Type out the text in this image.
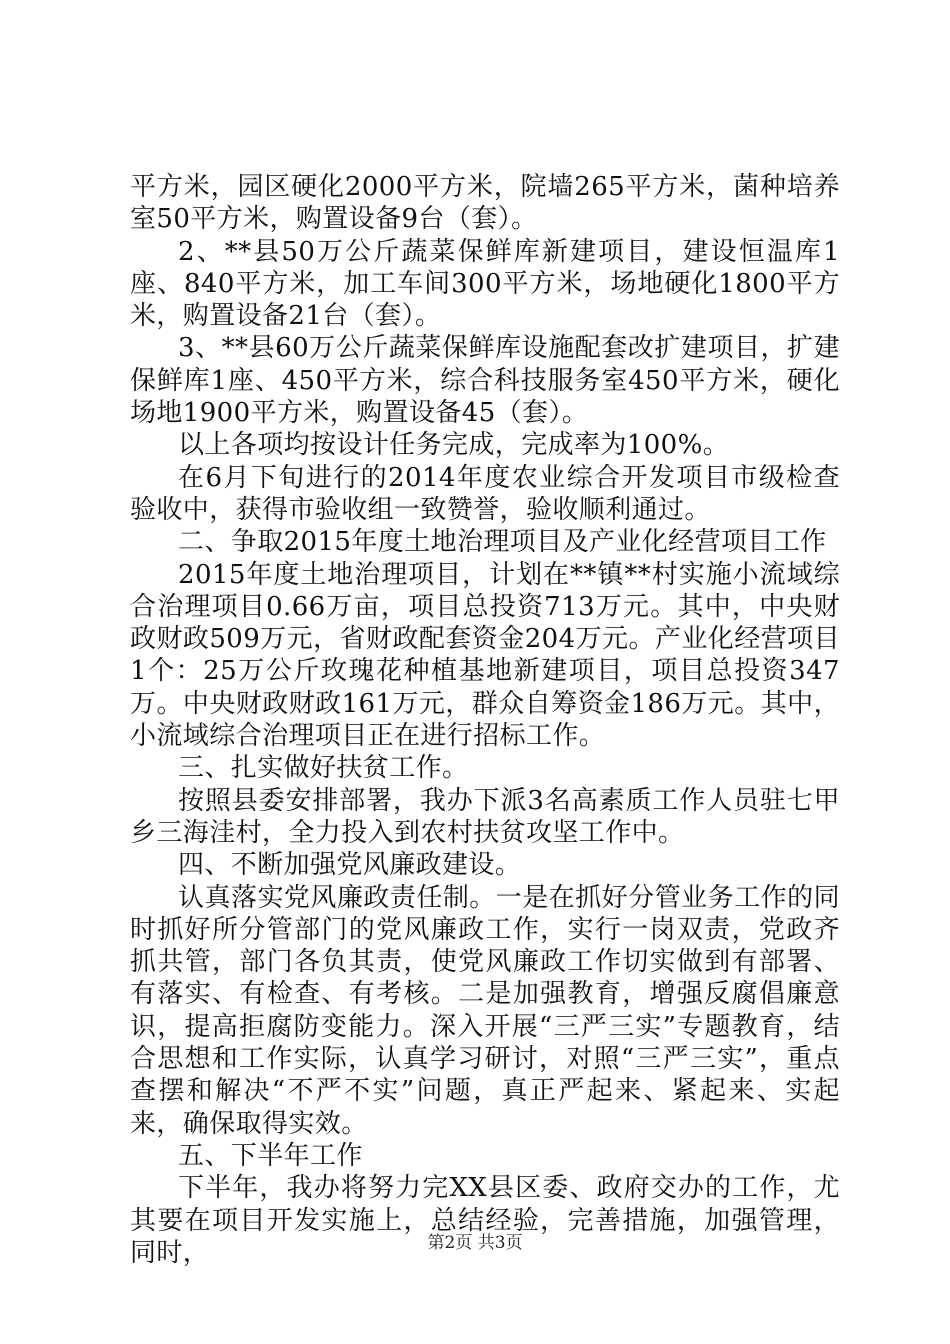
平方米，园区硬化2000平方米，院墙265平方米，菌种培养室50平方米，购置设备9台（套）。

2、**县50万公斤蔬菜保鲜库新建项目，建设恒温库1座、840平方米，加工车间300平方米，场地硬化1800平方米，购置设备21台（套）。

3、**县60万公斤蔬菜保鲜库设施配套改扩建项目，扩建保鲜库1座、450平方米，综合科技服务室450平方米，硬化场地1900平方米，购置设备45（套）。

以上各项均按设计任务完成，完成率为100%。

在6月下旬进行的2014年度农业综合开发项目市级检查验收中，获得市验收组一致赞誉，验收顺利通过。

二、争取2015年度土地治理项目及产业化经营项目工作

2015年度土地治理项目，计划在**镇**村实施小流域综合治理项目0.66万亩，项目总投资713万元。其中，中央财政财政509万元，省财政配套资金204万元。产业化经营项目1个：25万公斤玫瑰花种植基地新建项目，项目总投资347万。中央财政财政161万元，群众自筹资金186万元。其中，小流域综合治理项目正在进行招标工作。

三、扎实做好扶贫工作。

按照县委安排部署，我办下派3名高素质工作人员驻七甲乡三海洼村，全力投入到农村扶贫攻坚工作中。

四、不断加强党风廉政建设。

认真落实党风廉政责任制。一是在抓好分管业务工作的同时抓好所分管部门的党风廉政工作，实行一岗双责，党政齐抓共管，部门各负其责，使党风廉政工作切实做到有部署、有落实、有检查、有考核。二是加强教育，增强反腐倡廉意识，提高拒腐防变能力。深入开展“三严三实”专题教育，结合思想和工作实际，认真学习研讨，对照“三严三实”，重点查摆和解决“不严不实”问题，真正严起来、紧起来、实起来，确保取得实效。

五、下半年工作

下半年，我办将努力完XX县区委、政府交办的工作，尤其要在项目开发实施上，总结经验，完善措施，加强管理，同时，	第2页 共3页
